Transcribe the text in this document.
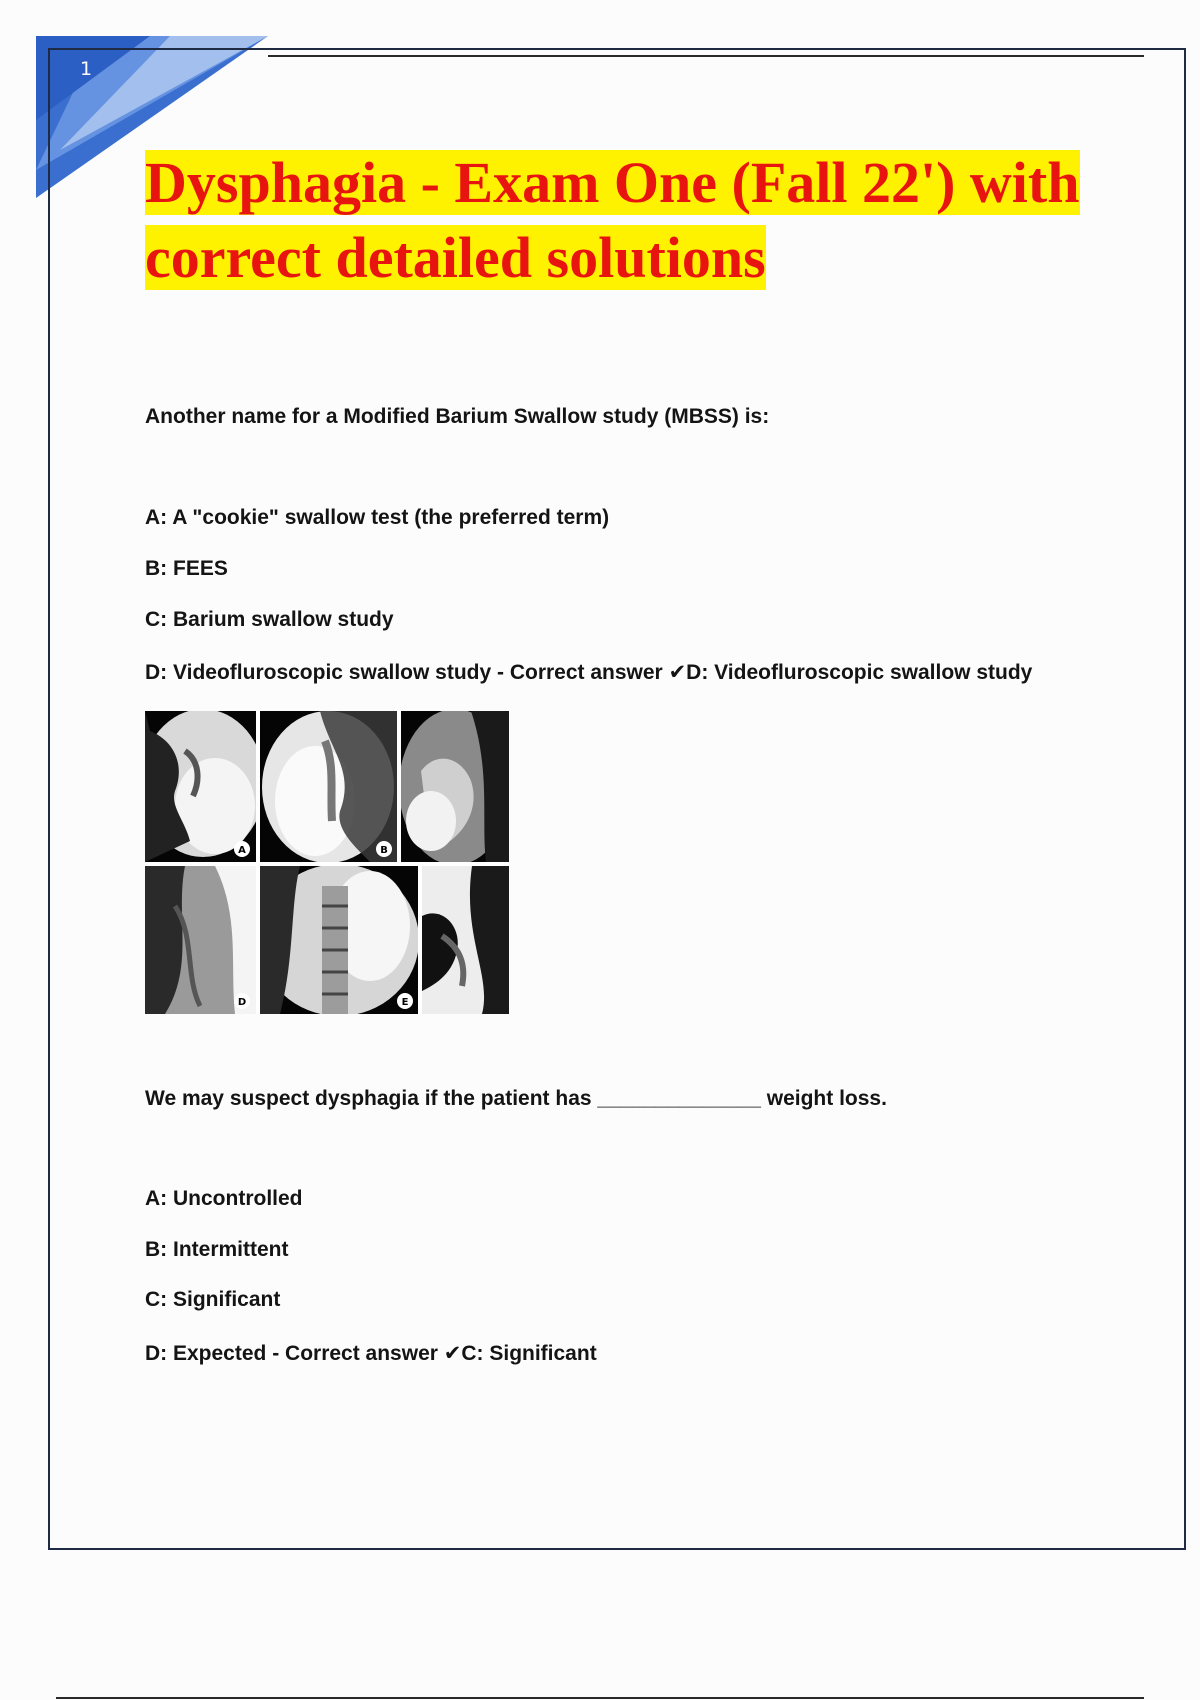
1
Dysphagia - Exam One (Fall 22') with
correct detailed solutions

Another name for a Modified Barium Swallow study (MBSS) is:

A: A "cookie" swallow test (the preferred term)

B: FEES

C: Barium swallow study

D: Videofluroscopic swallow study - Correct answer ✔D: Videofluroscopic swallow study

A	B
D	E

We may suspect dysphagia if the patient has ______________ weight loss.

A: Uncontrolled

B: Intermittent

C: Significant

D: Expected - Correct answer ✔C: Significant
